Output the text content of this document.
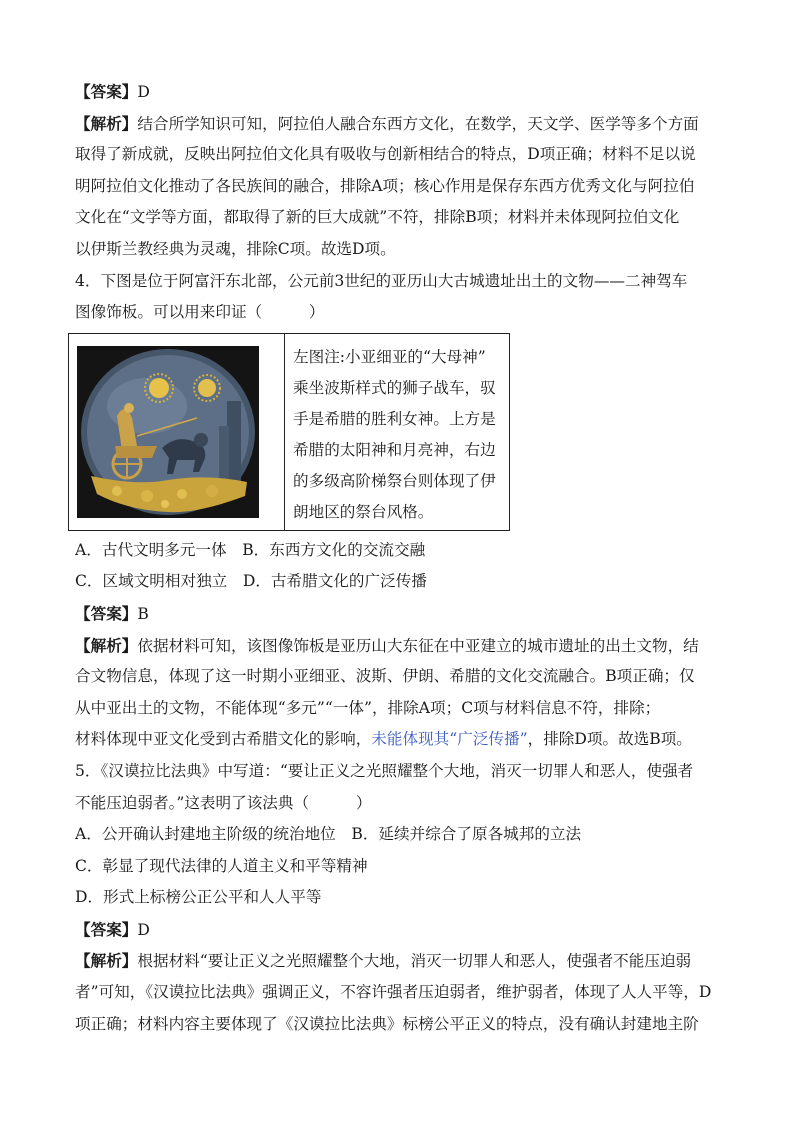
【答案】D
【解析】结合所学知识可知，阿拉伯人融合东西方文化，在数学，天文学、医学等多个方面
取得了新成就，反映出阿拉伯文化具有吸收与创新相结合的特点，D项正确；材料不足以说
明阿拉伯文化推动了各民族间的融合，排除A项；核心作用是保存东西方优秀文化与阿拉伯
文化在“文学等方面，都取得了新的巨大成就”不符，排除B项；材料并未体现阿拉伯文化
以伊斯兰教经典为灵魂，排除C项。故选D项。
4．下图是位于阿富汗东北部，公元前3世纪的亚历山大古城遗址出土的文物——二神驾车
图像饰板。可以用来印证（　　　）
左图注:小亚细亚的“大母神”
乘坐波斯样式的狮子战车，驭
手是希腊的胜利女神。上方是
希腊的太阳神和月亮神，右边
的多级高阶梯祭台则体现了伊
朗地区的祭台风格。
A．古代文明多元一体　B．东西方文化的交流交融
C．区域文明相对独立　D．古希腊文化的广泛传播
【答案】B
【解析】依据材料可知，该图像饰板是亚历山大东征在中亚建立的城市遗址的出土文物，结
合文物信息，体现了这一时期小亚细亚、波斯、伊朗、希腊的文化交流融合。B项正确；仅
从中亚出土的文物，不能体现“多元”“一体”，排除A项；C项与材料信息不符，排除；
材料体现中亚文化受到古希腊文化的影响，未能体现其“广泛传播”，排除D项。故选B项。
5．《汉谟拉比法典》中写道：“要让正义之光照耀整个大地，消灭一切罪人和恶人，使强者
不能压迫弱者。”这表明了该法典（　　　）
A．公开确认封建地主阶级的统治地位　B．延续并综合了原各城邦的立法
C．彰显了现代法律的人道主义和平等精神
D．形式上标榜公正公平和人人平等
【答案】D
【解析】根据材料“要让正义之光照耀整个大地，消灭一切罪人和恶人，使强者不能压迫弱
者”可知，《汉谟拉比法典》强调正义，不容许强者压迫弱者，维护弱者，体现了人人平等，D
项正确；材料内容主要体现了《汉谟拉比法典》标榜公平正义的特点，没有确认封建地主阶
